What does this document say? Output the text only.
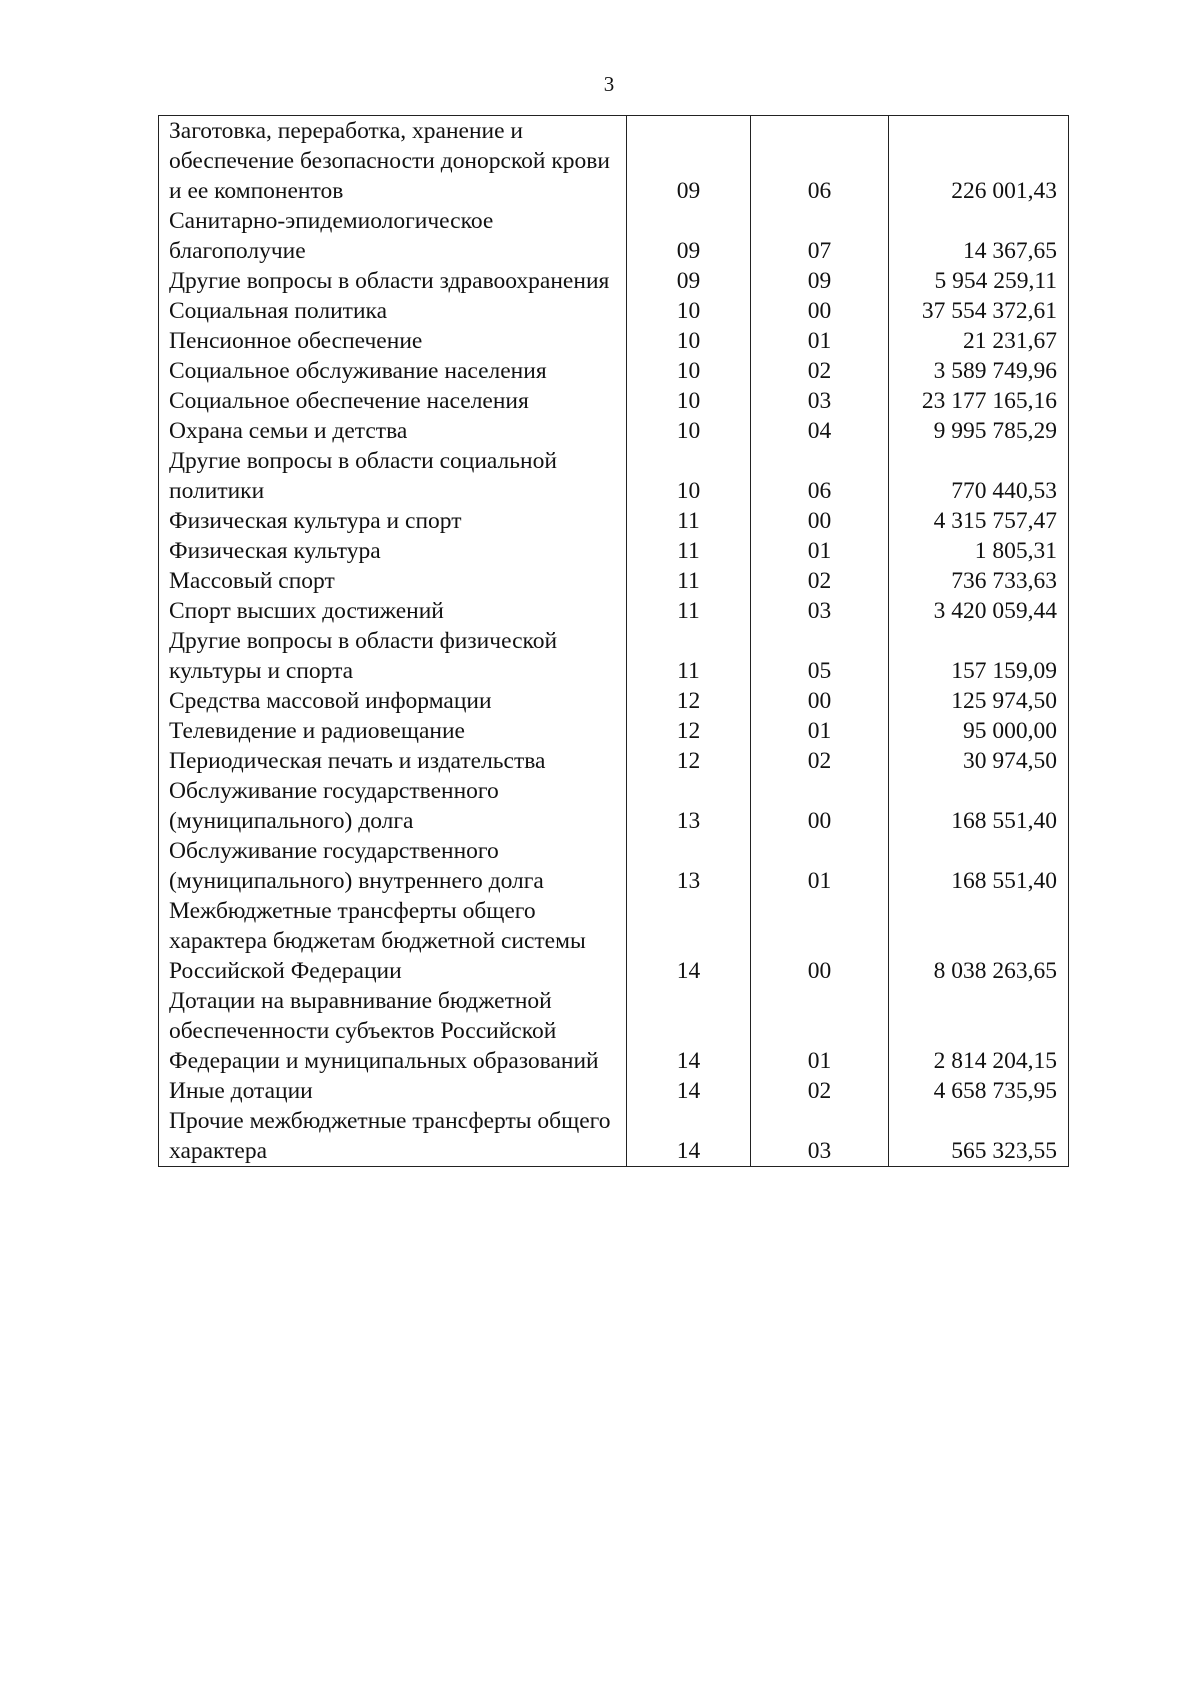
3
Заготовка, переработка, хранение и обеспечение безопасности донорской крови и ее компонентов	09	06	226 001,43
Санитарно-эпидемиологическое благополучие	09	07	14 367,65
Другие вопросы в области здравоохранения	09	09	5 954 259,11
Социальная политика	10	00	37 554 372,61
Пенсионное обеспечение	10	01	21 231,67
Социальное обслуживание населения	10	02	3 589 749,96
Социальное обеспечение населения	10	03	23 177 165,16
Охрана семьи и детства	10	04	9 995 785,29
Другие вопросы в области социальной политики	10	06	770 440,53
Физическая культура и спорт	11	00	4 315 757,47
Физическая культура	11	01	1 805,31
Массовый спорт	11	02	736 733,63
Спорт высших достижений	11	03	3 420 059,44
Другие вопросы в области физической культуры и спорта	11	05	157 159,09
Средства массовой информации	12	00	125 974,50
Телевидение и радиовещание	12	01	95 000,00
Периодическая печать и издательства	12	02	30 974,50
Обслуживание государственного (муниципального) долга	13	00	168 551,40
Обслуживание государственного (муниципального) внутреннего долга	13	01	168 551,40
Межбюджетные трансферты общего характера бюджетам бюджетной системы Российской Федерации	14	00	8 038 263,65
Дотации на выравнивание бюджетной обеспеченности субъектов Российской Федерации и муниципальных образований	14	01	2 814 204,15
Иные дотации	14	02	4 658 735,95
Прочие межбюджетные трансферты общего характера	14	03	565 323,55
